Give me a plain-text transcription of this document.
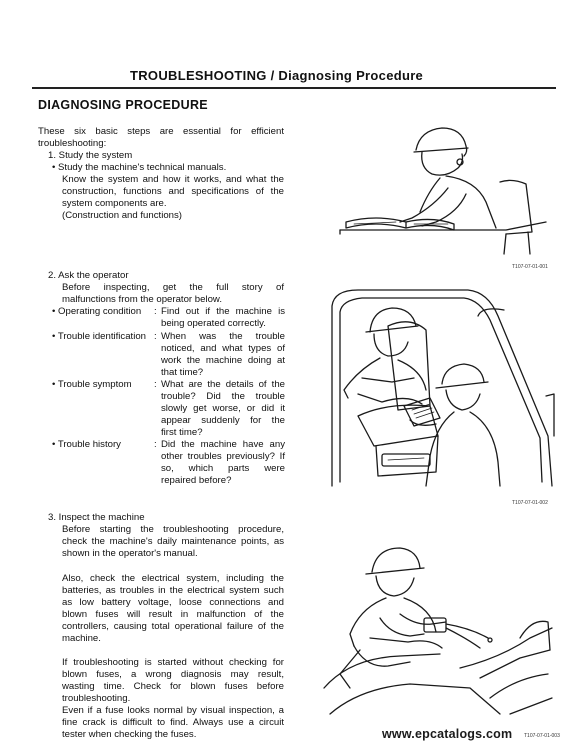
TROUBLESHOOTING / Diagnosing Procedure
DIAGNOSING PROCEDURE
These six basic steps are essential for efficient
troubleshooting:
1. Study the system
• Study the machine's technical manuals.
Know the system and how it works, and what the
construction, functions and specifications of the
system components are.
(Construction and functions)
T107-07-01-001
2. Ask the operator
Before inspecting, get the full story of
malfunctions from the operator below.
• Operating condition : Find out if the machine is
being operated correctly.
• Trouble identification : When was the trouble
noticed, and what types of
work the machine doing at
that time?
• Trouble symptom : What are the details of the
trouble? Did the trouble
slowly get worse, or did it
appear suddenly for the
first time?
• Trouble history	: Did the machine have any
other troubles previously? If
so, which parts were
repaired before?
T107-07-01-002
3. Inspect the machine
Before starting the troubleshooting procedure,
check the machine's daily maintenance points, as
shown in the operator's manual.
Also, check the electrical system, including the
batteries, as troubles in the electrical system such
as low battery voltage, loose connections and
blown fuses will result in malfunction of the
controllers, causing total operational failure of the
machine.
If troubleshooting is started without checking for
blown fuses, a wrong diagnosis may result,
wasting time. Check for blown fuses before
troubleshooting.
Even if a fuse looks normal by visual inspection, a
fine crack is difficult to find. Always use a circuit
tester when checking the fuses.	www.epcatalogs.com T107-07-01-003
